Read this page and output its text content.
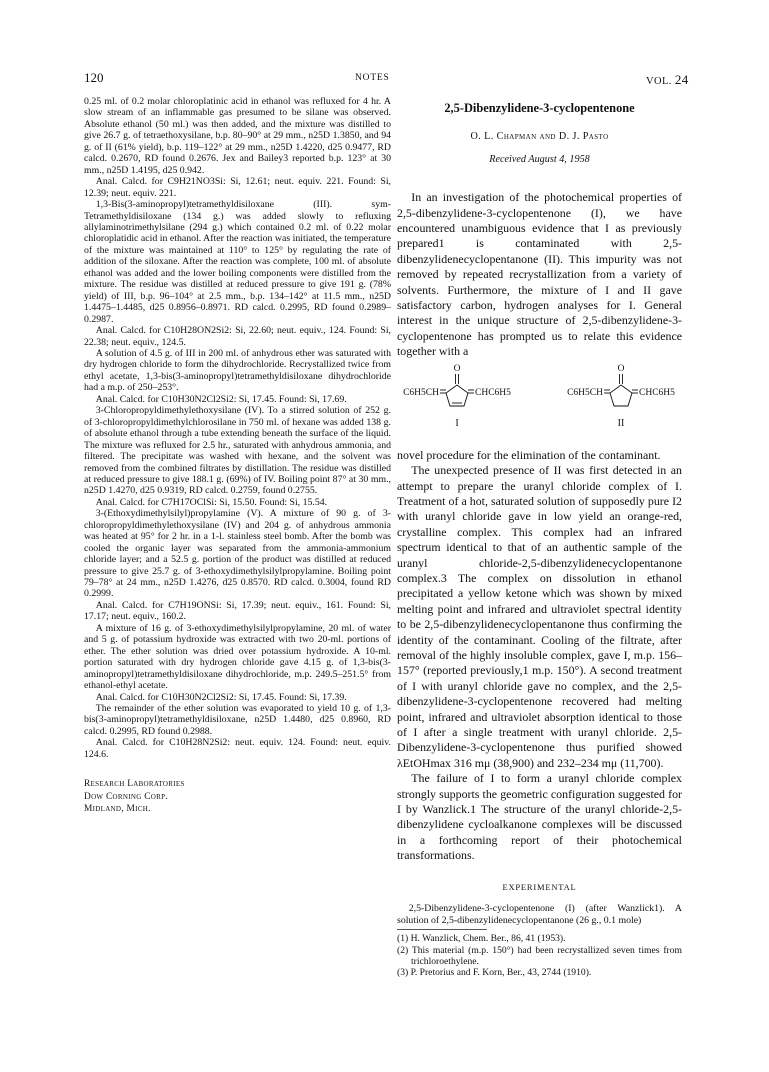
120	NOTES	VOL. 24

0.25 ml. of 0.2 molar chloroplatinic acid in ethanol was refluxed for 4 hr. A slow stream of an inflammable gas presumed to be silane was observed. Absolute ethanol (50 ml.) was then added, and the mixture was distilled to give 26.7 g. of tetraethoxysilane, b.p. 80–90° at 29 mm., n25D 1.3850, and 94 g. of II (61% yield), b.p. 119–122° at 29 mm., n25D 1.4220, d25 0.9477, RD calcd. 0.2670, RD found 0.2676. Jex and Bailey3 reported b.p. 123° at 30 mm., n25D 1.4195, d25 0.942.

Anal. Calcd. for C9H21NO3Si: Si, 12.61; neut. equiv. 221. Found: Si, 12.39; neut. equiv. 221.

1,3-Bis(3-aminopropyl)tetramethyldisiloxane (III). sym-Tetramethyldisiloxane (134 g.) was added slowly to refluxing allylaminotrimethylsilane (294 g.) which contained 0.2 ml. of 0.22 molar chloroplatidic acid in ethanol. After the reaction was initiated, the temperature of the mixture was maintained at 110° to 125° by regulating the rate of addition of the siloxane. After the reaction was complete, 100 ml. of absolute ethanol was added and the lower boiling components were distilled from the mixture. The residue was distilled at reduced pressure to give 191 g. (78% yield) of III, b.p. 96–104° at 2.5 mm., b.p. 134–142° at 11.5 mm., n25D 1.4475–1.4485, d25 0.8956–0.8971. RD calcd. 0.2995, RD found 0.2989–0.2987.

Anal. Calcd. for C10H28ON2Si2: Si, 22.60; neut. equiv., 124. Found: Si, 22.38; neut. equiv., 124.5.

A solution of 4.5 g. of III in 200 ml. of anhydrous ether was saturated with dry hydrogen chloride to form the dihydrochloride. Recrystallized twice from ethyl acetate, 1,3-bis(3-aminopropyl)tetramethyldisiloxane dihydrochloride had a m.p. of 250–253°.

Anal. Calcd. for C10H30N2Cl2Si2: Si, 17.45. Found: Si, 17.69.

3-Chloropropyldimethylethoxysilane (IV). To a stirred solution of 252 g. of 3-chloropropyldimethylchlorosilane in 750 ml. of hexane was added 138 g. of absolute ethanol through a tube extending beneath the surface of the liquid. The mixture was refluxed for 2.5 hr., saturated with anhydrous ammonia, and filtered. The precipitate was washed with hexane, and the solvent was removed from the combined filtrates by distillation. The residue was distilled at reduced pressure to give 188.1 g. (69%) of IV. Boiling point 87° at 30 mm., n25D 1.4270, d25 0.9319, RD calcd. 0.2759, found 0.2755.

Anal. Calcd. for C7H17OClSi: Si, 15.50. Found: Si, 15.54.

3-(Ethoxydimethylsilyl)propylamine (V). A mixture of 90 g. of 3-chloropropyldimethylethoxysilane (IV) and 204 g. of anhydrous ammonia was heated at 95° for 2 hr. in a 1-l. stainless steel bomb. After the bomb was cooled the organic layer was separated from the ammonia-ammonium chloride layer; and a 52.5 g. portion of the product was distilled at reduced pressure to give 25.7 g. of 3-ethoxydimethylsilylpropylamine. Boiling point 79–78° at 24 mm., n25D 1.4276, d25 0.8570. RD calcd. 0.3004, found RD 0.2999.

Anal. Calcd. for C7H19ONSi: Si, 17.39; neut. equiv., 161. Found: Si, 17.17; neut. equiv., 160.2.

A mixture of 16 g. of 3-ethoxydimethylsilylpropylamine, 20 ml. of water and 5 g. of potassium hydroxide was extracted with two 20-ml. portions of ether. The ether solution was dried over potassium hydroxide. A 10-ml. portion saturated with dry hydrogen chloride gave 4.15 g. of 1,3-bis(3-aminopropyl)tetramethyldisiloxane dihydrochloride, m.p. 249.5–251.5° from ethanol-ethyl acetate.

Anal. Calcd. for C10H30N2Cl2Si2: Si, 17.45. Found: Si, 17.39.

The remainder of the ether solution was evaporated to yield 10 g. of 1,3-bis(3-aminopropyl)tetramethyldisiloxane, n25D 1.4480, d25 0.8960, RD calcd. 0.2995, RD found 0.2988.

Anal. Calcd. for C10H28N2Si2: neut. equiv. 124. Found: neut. equiv. 124.6.

Research Laboratories
Dow Corning Corp.
Midland, Mich.
2,5-Dibenzylidene-3-cyclopentenone
O. L. Chapman and D. J. Pasto
Received August 4, 1958

In an investigation of the photochemical properties of 2,5-dibenzylidene-3-cyclopentenone (I), we have encountered unambiguous evidence that I as previously prepared1 is contaminated with 2,5-dibenzylidenecyclopentanone (II). This impurity was not removed by repeated recrystallization from a variety of solvents. Furthermore, the mixture of I and II gave satisfactory carbon, hydrogen analyses for I. General interest in the unique structure of 2,5-dibenzylidene-3-cyclopentenone has prompted us to relate this evidence together with a

O
C6H5CH	CHC6H5
I
O
C6H5CH	CHC6H5
II

novel procedure for the elimination of the contaminant.

The unexpected presence of II was first detected in an attempt to prepare the uranyl chloride complex of I. Treatment of a hot, saturated solution of supposedly pure I2 with uranyl chloride gave in low yield an orange-red, crystalline complex. This complex had an infrared spectrum identical to that of an authentic sample of the uranyl chloride-2,5-dibenzylidenecyclopentanone complex.3 The complex on dissolution in ethanol precipitated a yellow ketone which was shown by mixed melting point and infrared and ultraviolet spectral identity to be 2,5-dibenzylidenecyclopentanone thus confirming the identity of the contaminant. Cooling of the filtrate, after removal of the highly insoluble complex, gave I, m.p. 156–157° (reported previously,1 m.p. 150°). A second treatment of I with uranyl chloride gave no complex, and the 2,5-dibenzylidene-3-cyclopentenone recovered had melting point, infrared and ultraviolet absorption identical to those of I after a single treatment with uranyl chloride. 2,5-Dibenzylidene-3-cyclopentenone thus purified showed λEtOHmax 316 mμ (38,900) and 232–234 mμ (11,700).

The failure of I to form a uranyl chloride complex strongly supports the geometric configuration suggested for I by Wanzlick.1 The structure of the uranyl chloride-2,5-dibenzylidene cycloalkanone complexes will be discussed in a forthcoming report of their photochemical transformations.

EXPERIMENTAL

2,5-Dibenzylidene-3-cyclopentenone (I) (after Wanzlick1). A solution of 2,5-dibenzylidenecyclopentanone (26 g., 0.1 mole)

(1) H. Wanzlick, Chem. Ber., 86, 41 (1953).

(2) This material (m.p. 150°) had been recrystallized seven times from trichloroethylene.

(3) P. Pretorius and F. Korn, Ber., 43, 2744 (1910).
